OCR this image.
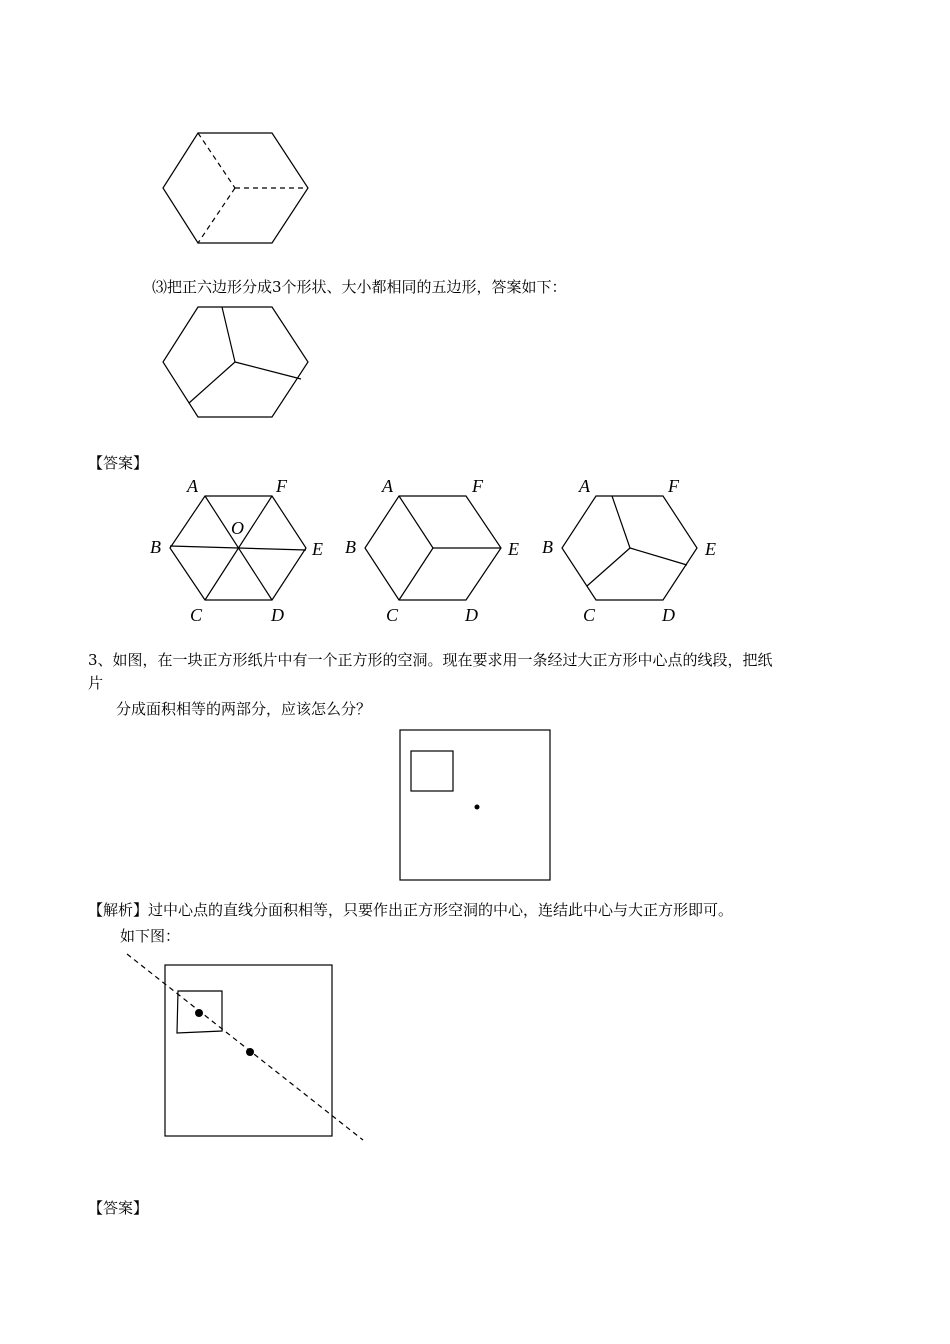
A	F
B
O
E
C	D
A	F
B	E
C	D
A	F
B	E
C	D
⑶把正六边形分成3个形状、大小都相同的五边形，答案如下：
【答案】
3、如图，在一块正方形纸片中有一个正方形的空洞。现在要求用一条经过大正方形中心点的线段，把纸
片
分成面积相等的两部分，应该怎么分？
【解析】过中心点的直线分面积相等，只要作出正方形空洞的中心，连结此中心与大正方形即可。
如下图：
【答案】
